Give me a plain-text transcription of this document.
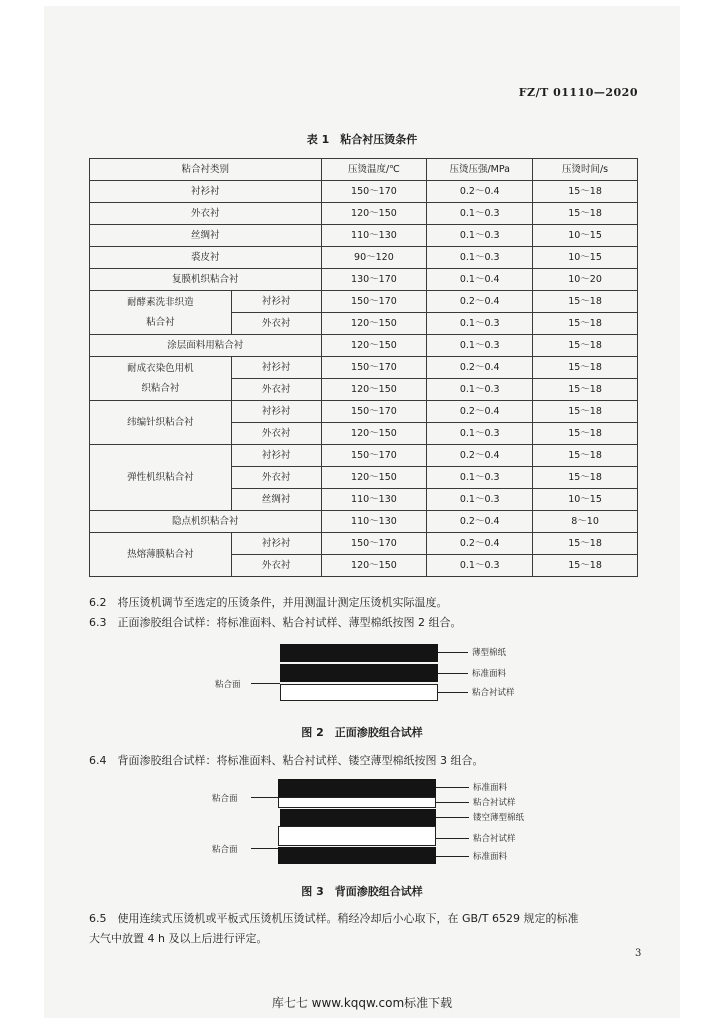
FZ/T 01110—2020
表 1　粘合衬压烫条件
粘合衬类别		压烫温度/℃	压烫压强/MPa	压烫时间/s
衬衫衬		150～170	0.2～0.4	15～18
外衣衬		120～150	0.1～0.3	15～18
丝绸衬		110～130	0.1～0.3	10～15
裘皮衬		90～120	0.1～0.3	10～15
复膜机织粘合衬		130～170	0.1～0.4	10～20
耐酵素洗非织造
粘合衬	衬衫衬	150～170	0.2～0.4	15～18
	外衣衬	120～150	0.1～0.3	15～18
涂层面料用粘合衬		120～150	0.1～0.3	15～18
耐成衣染色用机
织粘合衬	衬衫衬	150～170	0.2～0.4	15～18
	外衣衬	120～150	0.1～0.3	15～18
纬编针织粘合衬	衬衫衬	150～170	0.2～0.4	15～18
	外衣衬	120～150	0.1～0.3	15～18
弹性机织粘合衬	衬衫衬	150～170	0.2～0.4	15～18
	外衣衬	120～150	0.1～0.3	15～18
	丝绸衬	110～130	0.1～0.3	10～15
隐点机织粘合衬		110～130	0.2～0.4	8～10
热熔薄膜粘合衬	衬衫衬	150～170	0.2～0.4	15～18
	外衣衬	120～150	0.1～0.3	15～18
6.2　将压烫机调节至选定的压烫条件，并用测温计测定压烫机实际温度。
6.3　正面渗胶组合试样：将标准面料、粘合衬试样、薄型棉纸按图 2 组合。
薄型棉纸
标准面料
粘合衬试样
粘合面
图 2　正面渗胶组合试样
6.4　背面渗胶组合试样：将标准面料、粘合衬试样、镂空薄型棉纸按图 3 组合。
标准面料
粘合衬试样
镂空薄型棉纸
粘合衬试样
标准面料
粘合面
粘合面
图 3　背面渗胶组合试样
6.5　使用连续式压烫机或平板式压烫机压烫试样。稍经冷却后小心取下，在 GB/T 6529 规定的标准
大气中放置 4 h 及以上后进行评定。
3
库七七 www.kqqw.com标准下载
